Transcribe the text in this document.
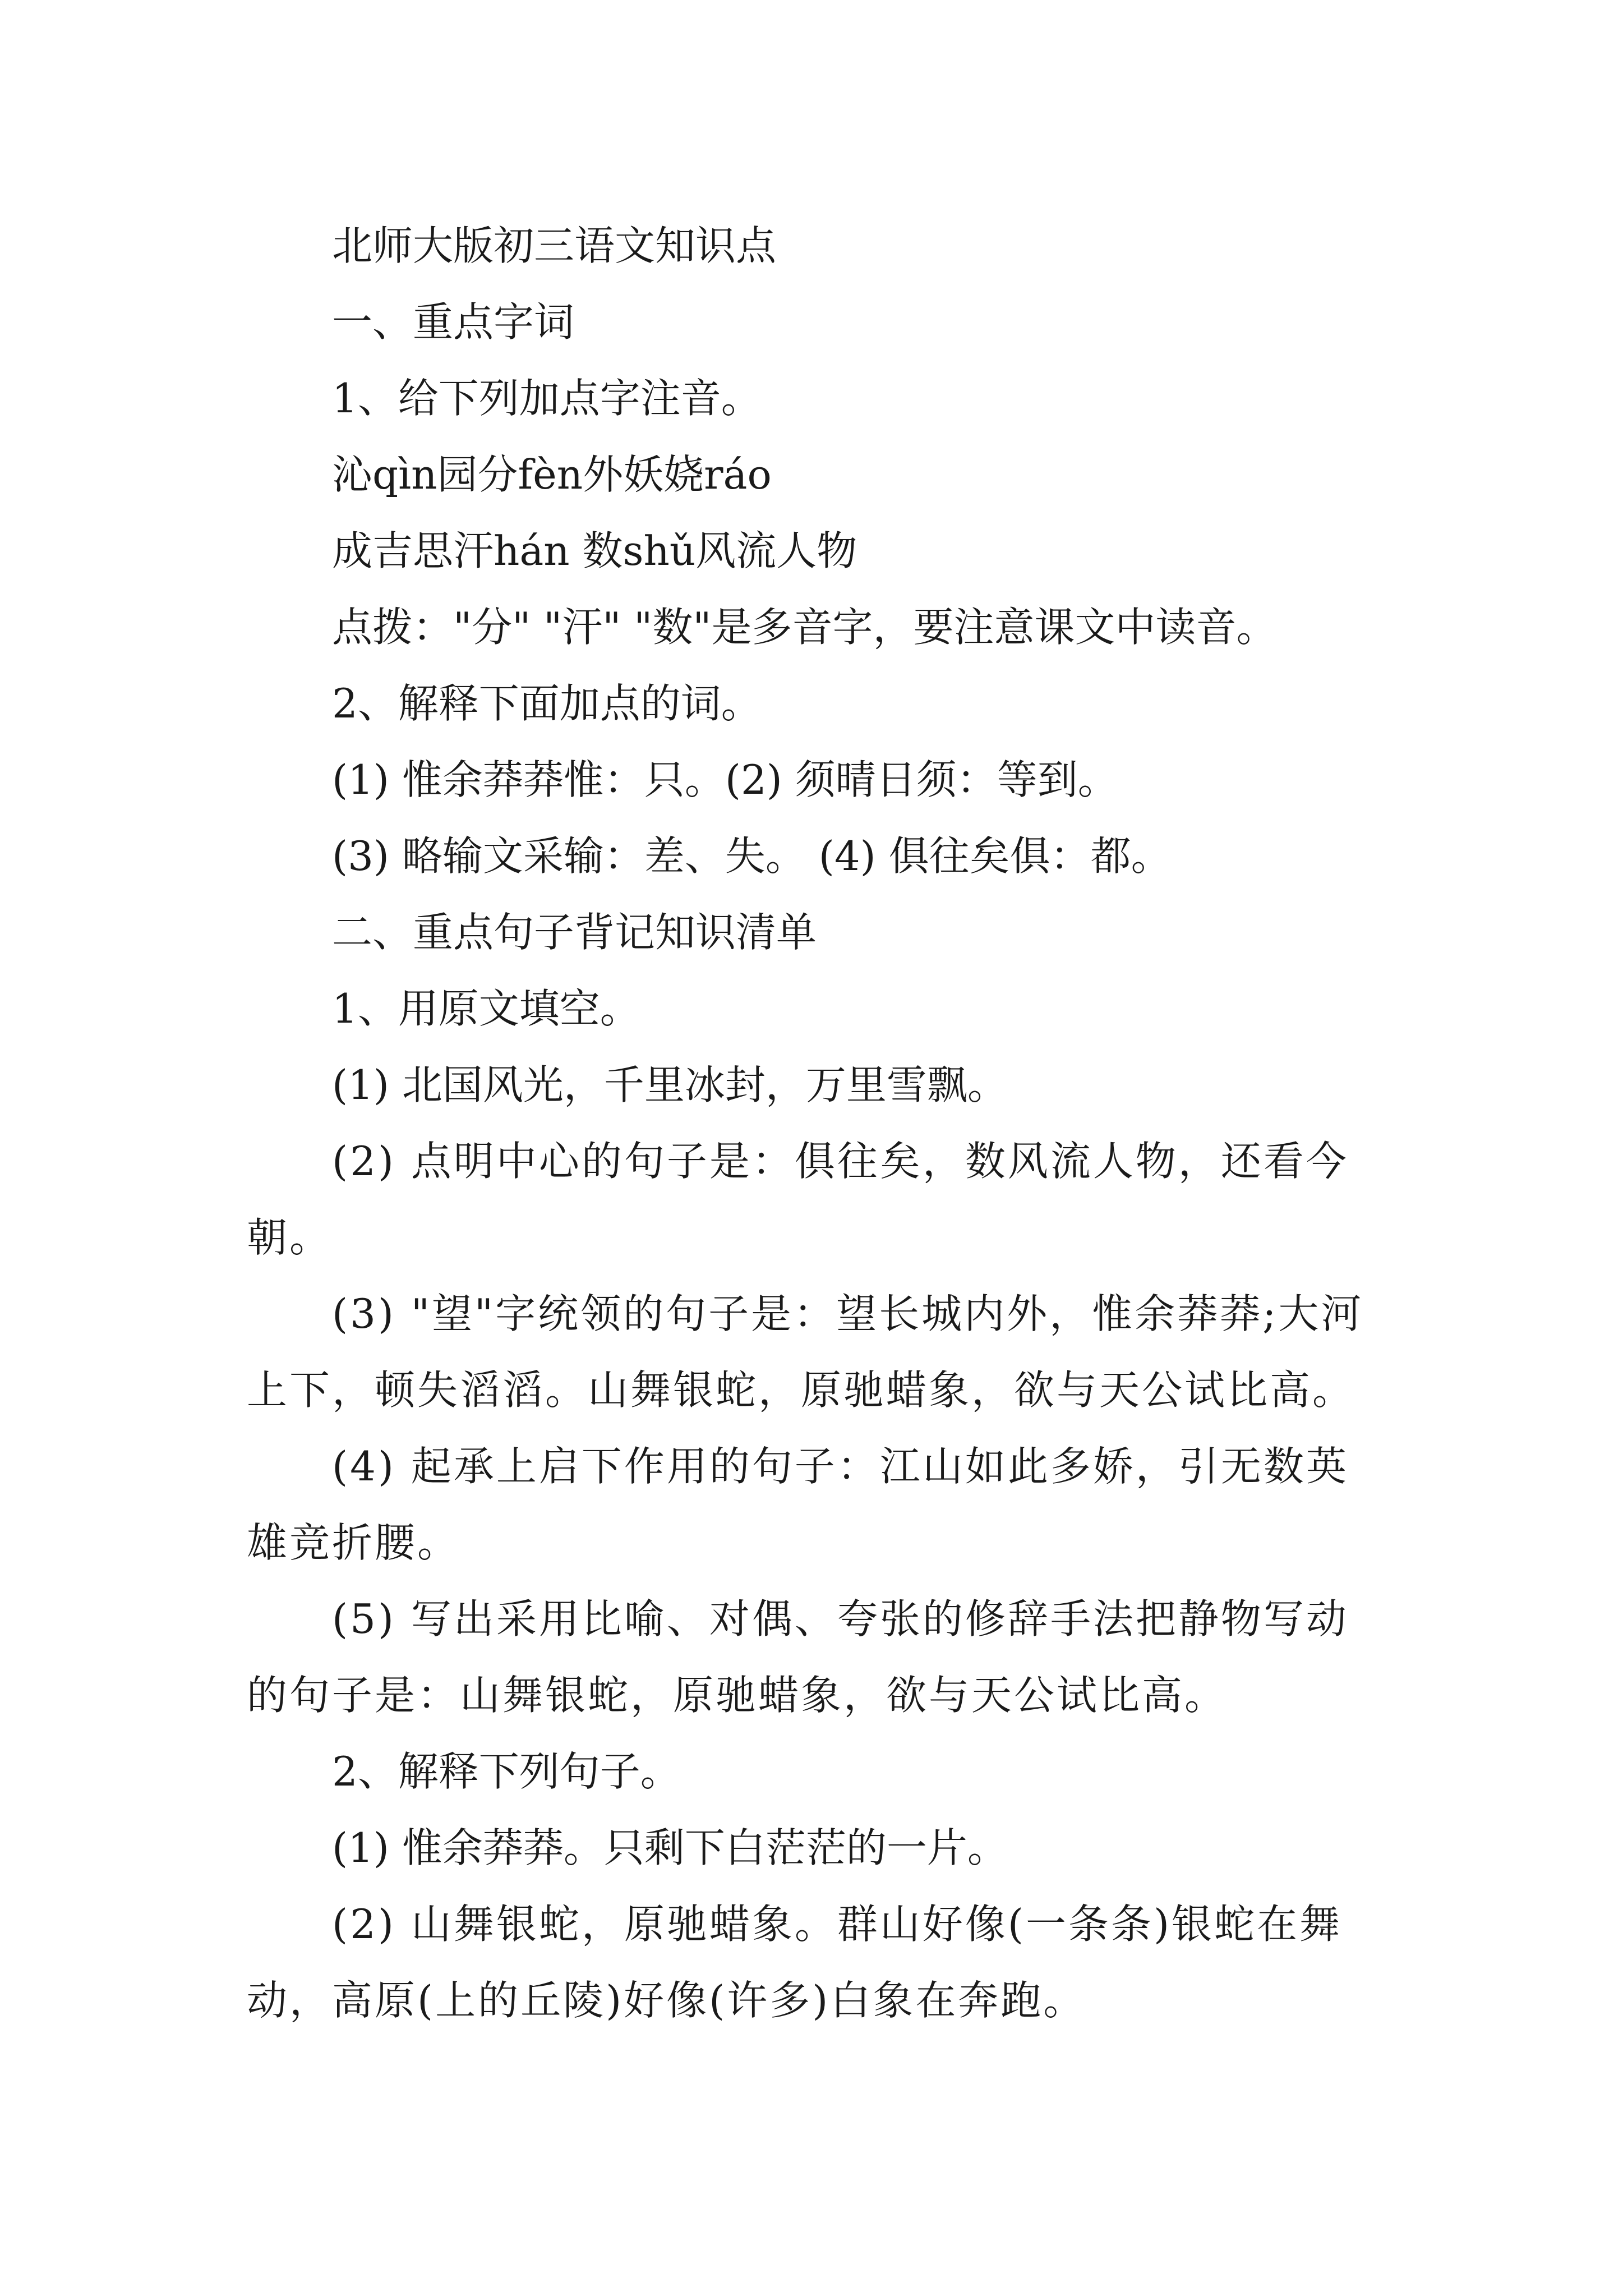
北师大版初三语文知识点
一、重点字词
1、给下列加点字注音。
沁qìn园分fèn外妖娆ráo
成吉思汗hán 数shǔ风流人物
点拨："分" "汗" "数"是多音字，要注意课文中读音。
2、解释下面加点的词。
(1) 惟余莽莽惟：只。(2) 须晴日须：等到。
(3) 略输文采输：差、失。 (4) 俱往矣俱：都。
二、重点句子背记知识清单
1、用原文填空。
(1) 北国风光，千里冰封，万里雪飘。
(2) 点明中心的句子是：俱往矣，数风流人物，还看今朝。
(3) "望"字统领的句子是：望长城内外，惟余莽莽;大河上下，顿失滔滔。山舞银蛇，原驰蜡象，欲与天公试比高。
(4) 起承上启下作用的句子：江山如此多娇，引无数英雄竞折腰。
(5) 写出采用比喻、对偶、夸张的修辞手法把静物写动的句子是：山舞银蛇，原驰蜡象，欲与天公试比高。
2、解释下列句子。
(1) 惟余莽莽。只剩下白茫茫的一片。
(2) 山舞银蛇，原驰蜡象。群山好像(一条条)银蛇在舞动，高原(上的丘陵)好像(许多)白象在奔跑。
